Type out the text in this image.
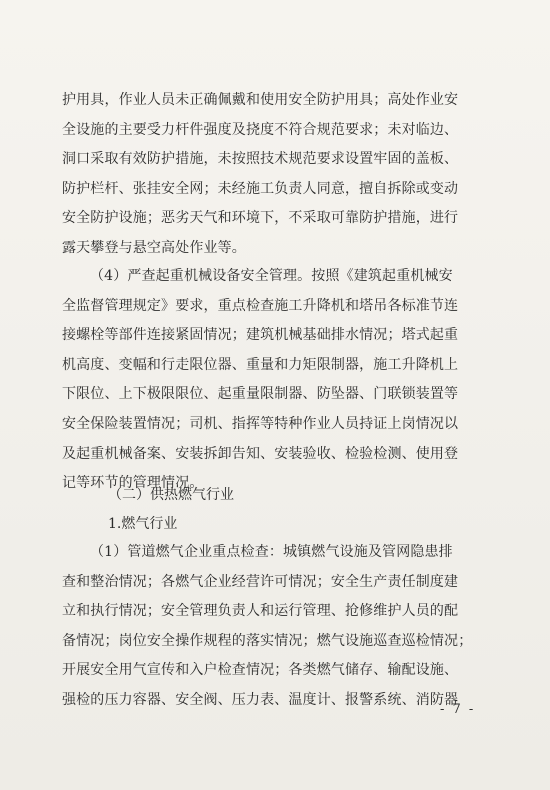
护用具，作业人员未正确佩戴和使用安全防护用具；高处作业安
全设施的主要受力杆件强度及挠度不符合规范要求；未对临边、
洞口采取有效防护措施，未按照技术规范要求设置牢固的盖板、
防护栏杆、张挂安全网；未经施工负责人同意，擅自拆除或变动
安全防护设施；恶劣天气和环境下，不采取可靠防护措施，进行
露天攀登与悬空高处作业等。
（4）严查起重机械设备安全管理。按照《建筑起重机械安
全监督管理规定》要求，重点检查施工升降机和塔吊各标准节连
接螺栓等部件连接紧固情况；建筑机械基础排水情况；塔式起重
机高度、变幅和行走限位器、重量和力矩限制器，施工升降机上
下限位、上下极限限位、起重量限制器、防坠器、门联锁装置等
安全保险装置情况；司机、指挥等特种作业人员持证上岗情况以
及起重机械备案、安装拆卸告知、安装验收、检验检测、使用登
记等环节的管理情况。
（二）供热燃气行业
1.燃气行业
（1）管道燃气企业重点检查：城镇燃气设施及管网隐患排
查和整治情况；各燃气企业经营许可情况；安全生产责任制度建
立和执行情况；安全管理负责人和运行管理、抢修维护人员的配
备情况；岗位安全操作规程的落实情况；燃气设施巡查巡检情况；
开展安全用气宣传和入户检查情况；各类燃气储存、输配设施、
强检的压力容器、安全阀、压力表、温度计、报警系统、消防器
- 7 -
